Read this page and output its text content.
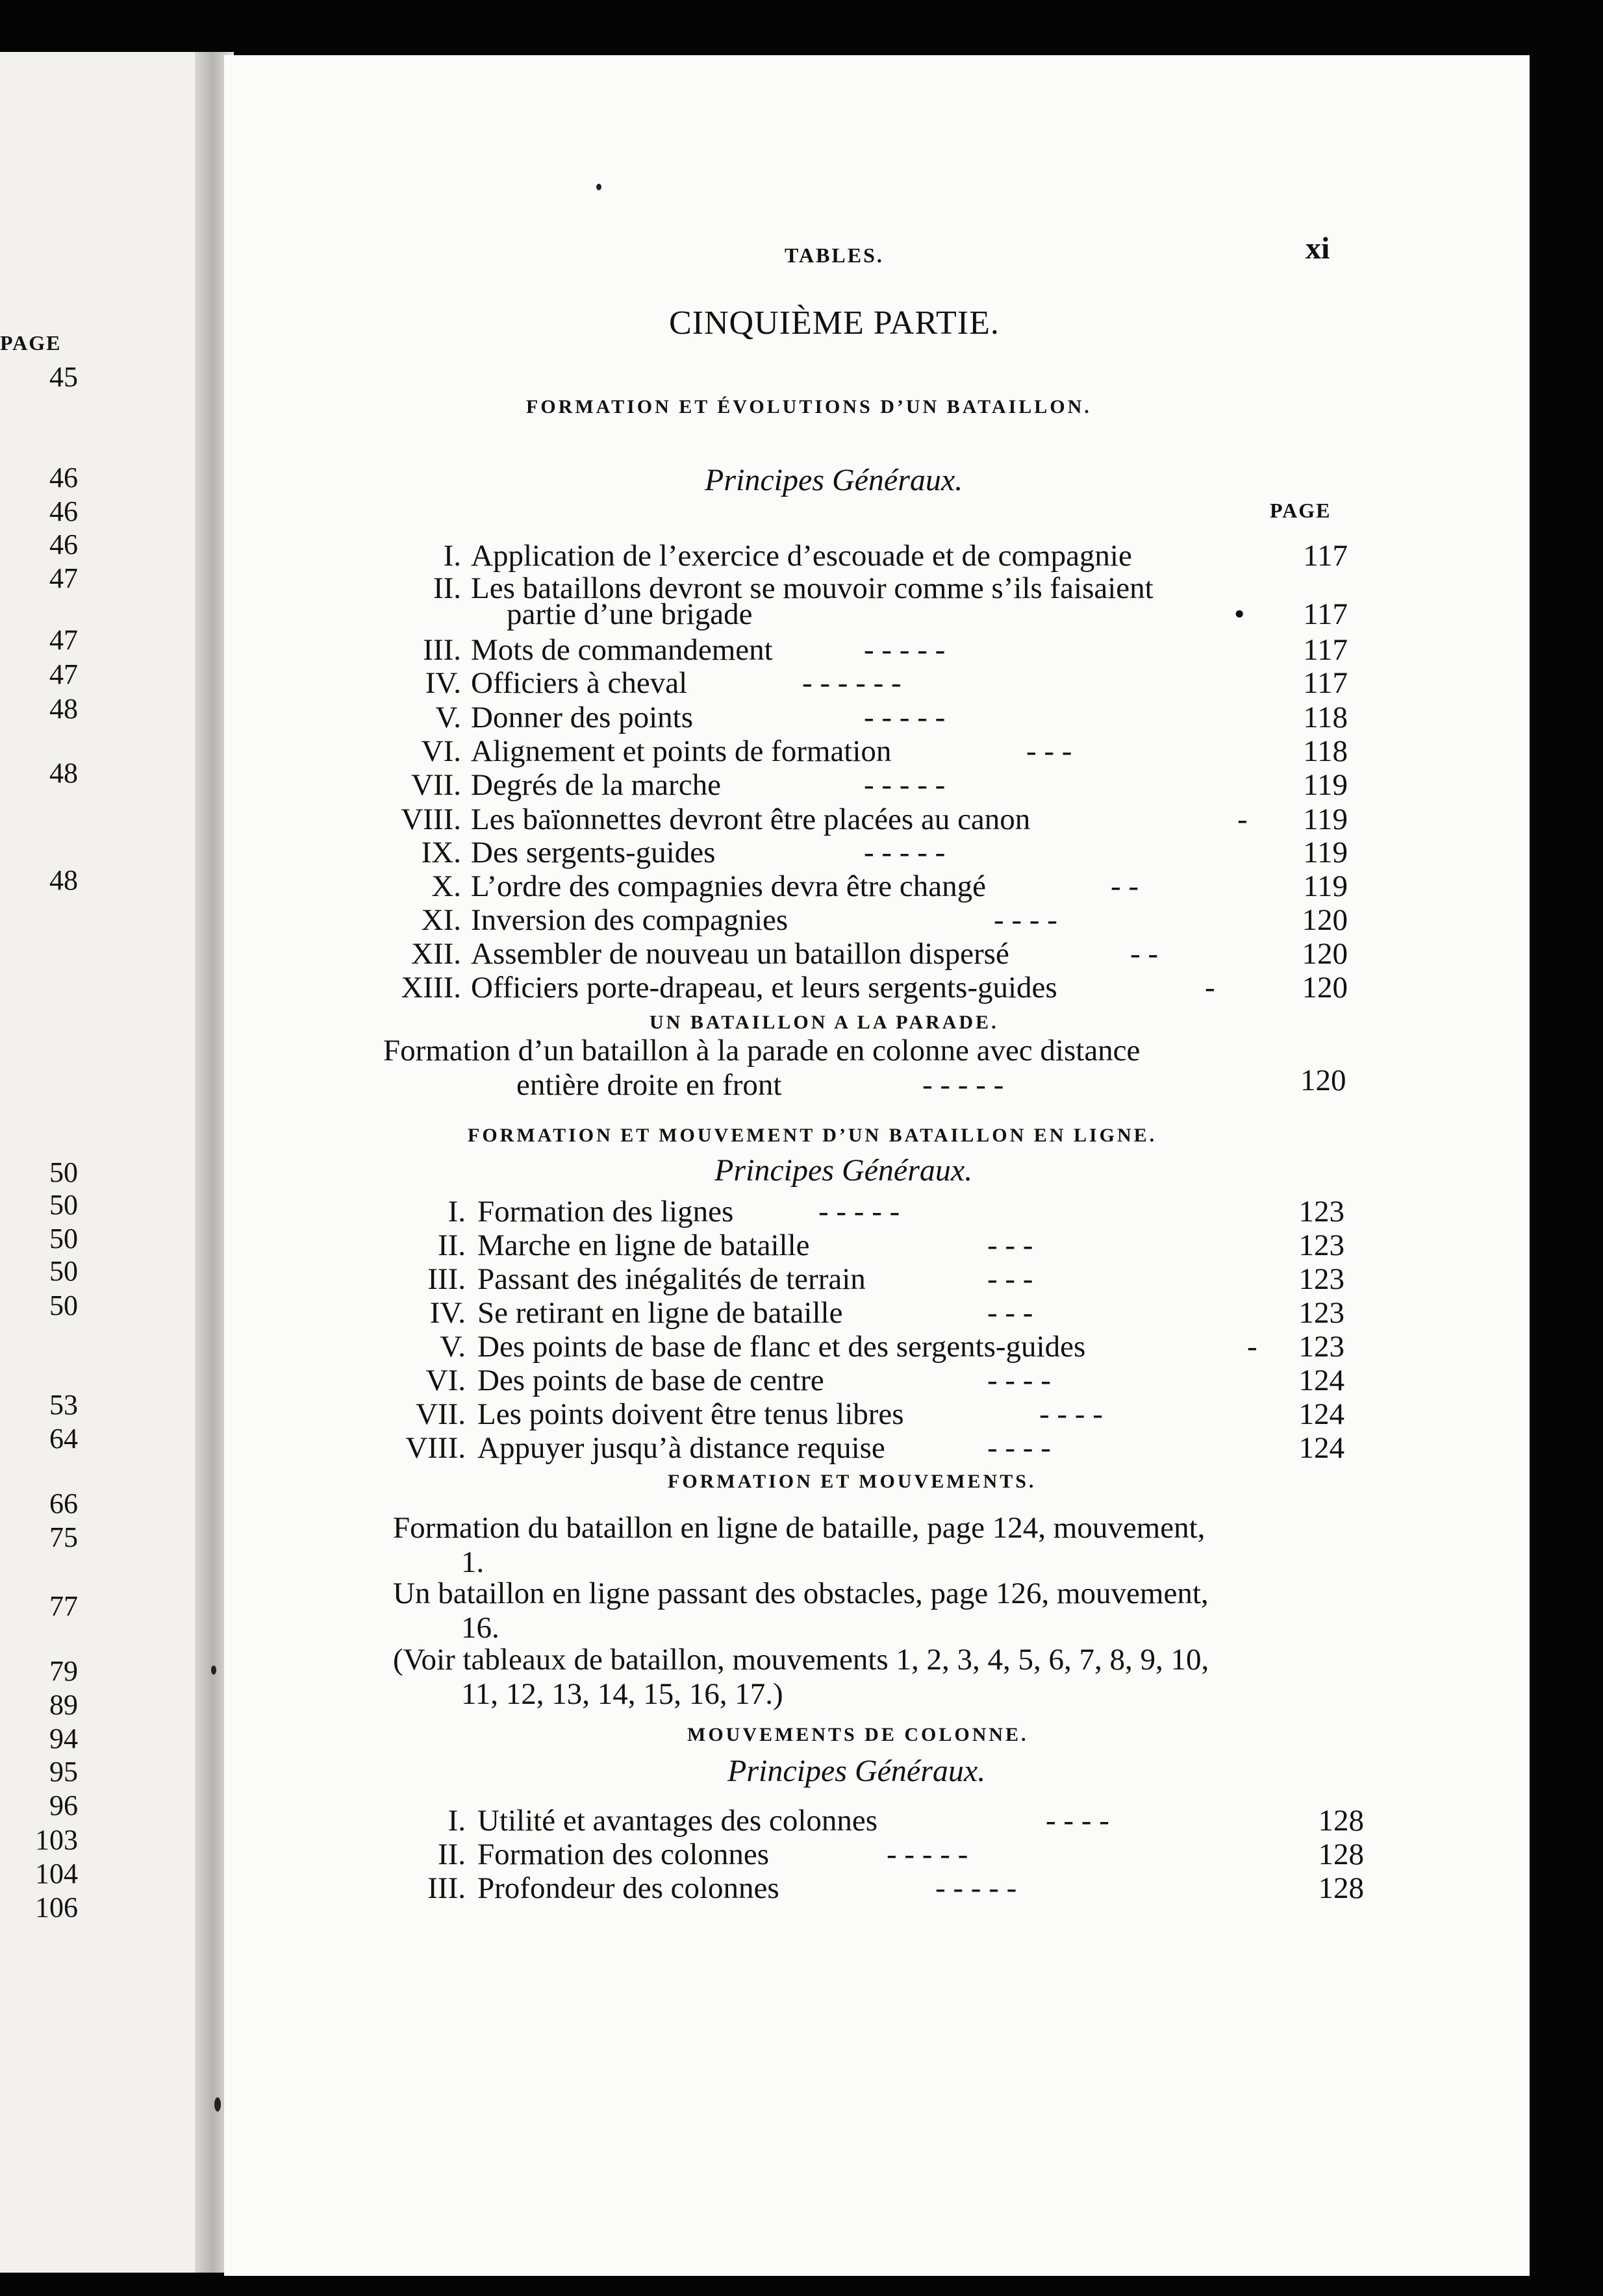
PAGE
45
46
46
46
47
47
47
48
48
48
50
50
50
50
50
53
64
66
75
77
79
89
94
95
96
103
104
106
TABLES.	xi
CINQUIÈME PARTIE.
FORMATION ET ÉVOLUTIONS D’UN BATAILLON.
Principes Généraux.
PAGE
I. Application de l’exercice d’escouade et de compagnie	117
II. Les bataillons devront se mouvoir comme s’ils faisaient
partie d’une brigade	•	117
III. Mots de commandement	- - - - -	117
IV. Officiers à cheval	- - - - - -	117
V. Donner des points	- - - - -	118
VI. Alignement et points de formation	- - -	118
VII. Degrés de la marche	- - - - -	119
VIII. Les baïonnettes devront être placées au canon	-	119
IX. Des sergents-guides	- - - - -	119
X. L’ordre des compagnies devra être changé	- -	119
XI. Inversion des compagnies	- - - -	120
XII. Assembler de nouveau un bataillon dispersé	- -	120
XIII. Officiers porte-drapeau, et leurs sergents-guides	-	120
UN BATAILLON A LA PARADE.
Formation d’un bataillon à la parade en colonne avec distance
entière droite en front	- - - - -	120
FORMATION ET MOUVEMENT D’UN BATAILLON EN LIGNE.
Principes Généraux.
I. Formation des lignes	- - - - -	123
II. Marche en ligne de bataille	- - -	123
III. Passant des inégalités de terrain	- - -	123
IV. Se retirant en ligne de bataille	- - -	123
V. Des points de base de flanc et des sergents-guides	-	123
VI. Des points de base de centre	- - - -	124
VII. Les points doivent être tenus libres	- - - -	124
VIII. Appuyer jusqu’à distance requise	- - - -	124
FORMATION ET MOUVEMENTS.
Formation du bataillon en ligne de bataille, page 124, mouvement,
1.
Un bataillon en ligne passant des obstacles, page 126, mouvement,
16.
(Voir tableaux de bataillon, mouvements 1, 2, 3, 4, 5, 6, 7, 8, 9, 10,
11, 12, 13, 14, 15, 16, 17.)
MOUVEMENTS DE COLONNE.
Principes Généraux.
I. Utilité et avantages des colonnes	- - - -	128
II. Formation des colonnes	- - - - -	128
III. Profondeur des colonnes	- - - - -	128
